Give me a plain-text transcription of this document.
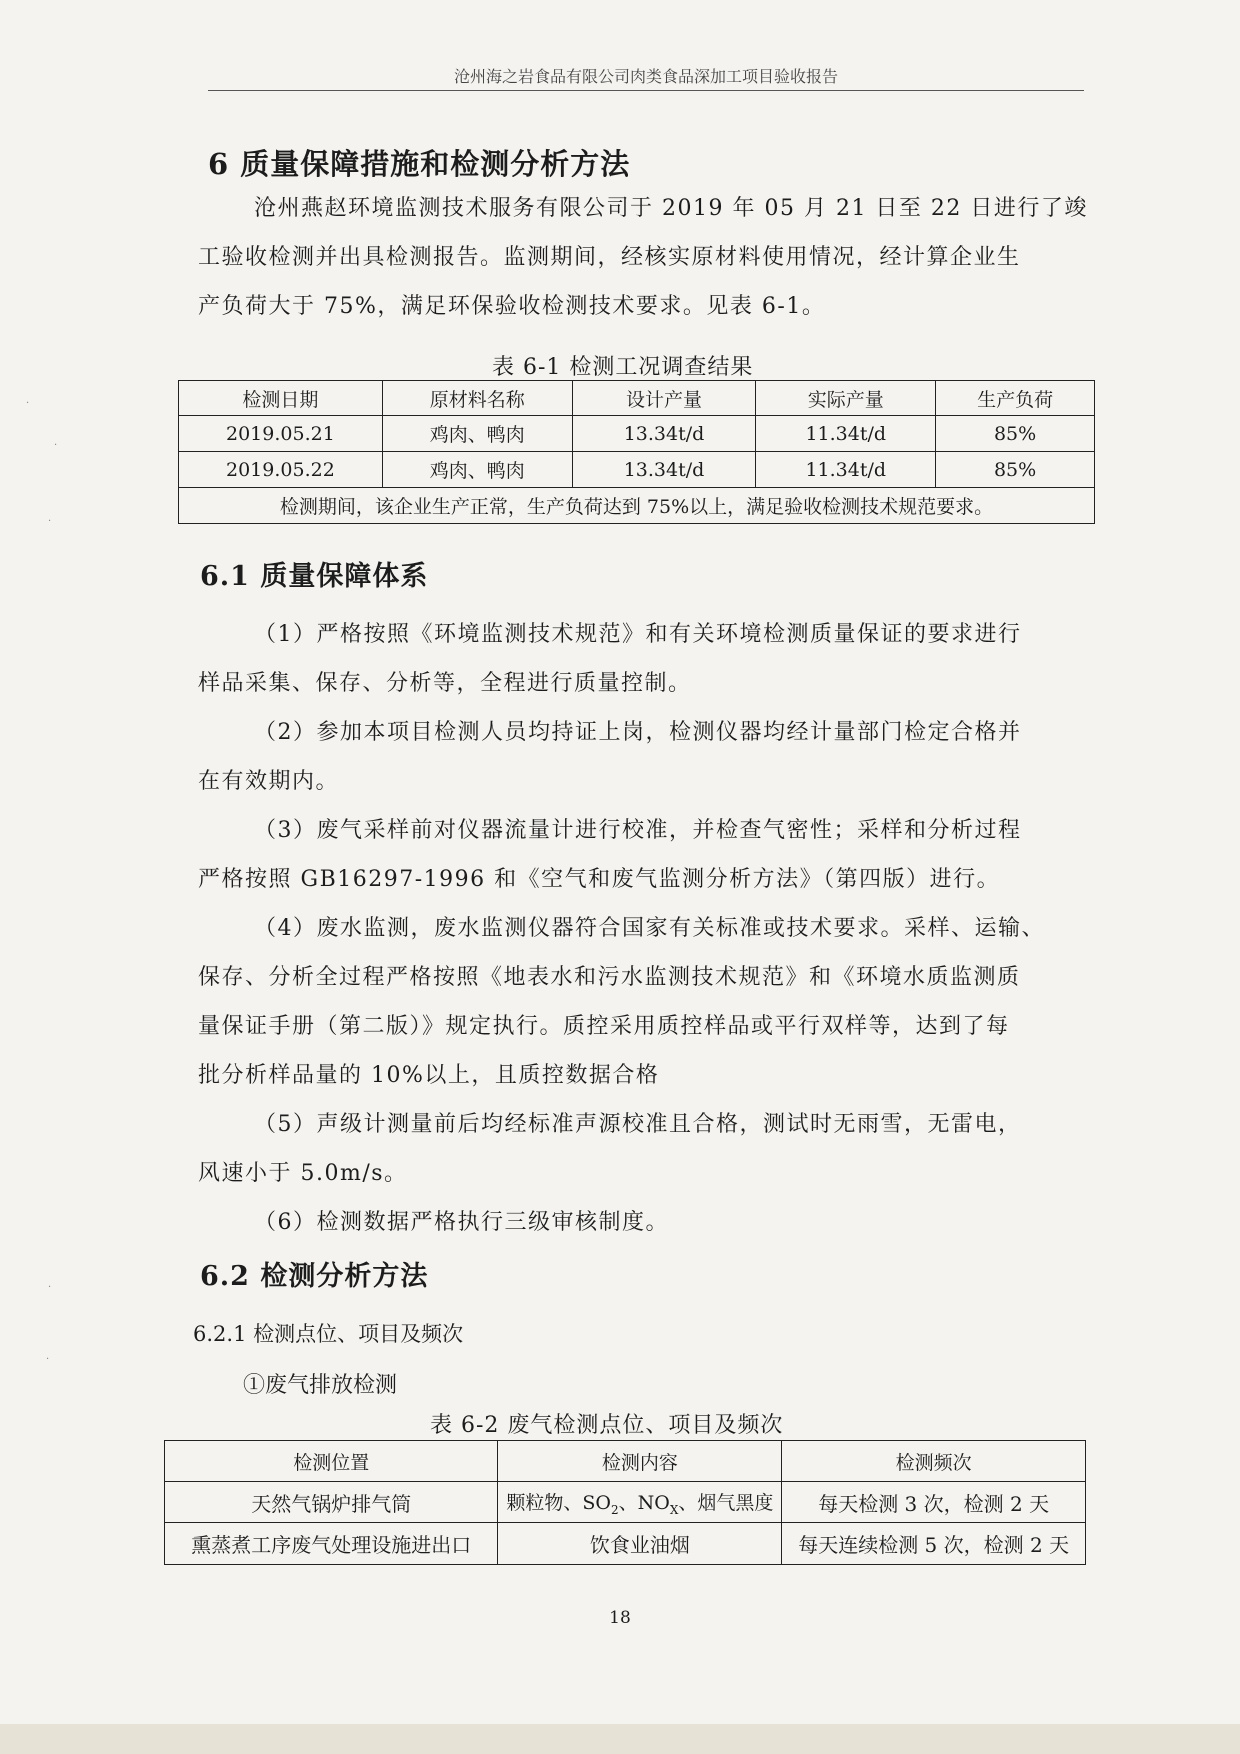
沧州海之岩食品有限公司肉类食品深加工项目验收报告
6 质量保障措施和检测分析方法
沧州燕赵环境监测技术服务有限公司于 2019 年 05 月 21 日至 22 日进行了竣
工验收检测并出具检测报告。监测期间，经核实原材料使用情况，经计算企业生
产负荷大于 75%，满足环保验收检测技术要求。见表 6-1。
表 6-1 检测工况调查结果
检测日期	原材料名称	设计产量	实际产量	生产负荷
2019.05.21	鸡肉、鸭肉	13.34t/d	11.34t/d	85%
2019.05.22	鸡肉、鸭肉	13.34t/d	11.34t/d	85%
检测期间，该企业生产正常，生产负荷达到 75%以上，满足验收检测技术规范要求。				
6.1 质量保障体系
（1）严格按照《环境监测技术规范》和有关环境检测质量保证的要求进行
样品采集、保存、分析等，全程进行质量控制。
（2）参加本项目检测人员均持证上岗，检测仪器均经计量部门检定合格并
在有效期内。
（3）废气采样前对仪器流量计进行校准，并检查气密性；采样和分析过程
严格按照 GB16297-1996 和《空气和废气监测分析方法》（第四版）进行。
（4）废水监测，废水监测仪器符合国家有关标准或技术要求。采样、运输、
保存、分析全过程严格按照《地表水和污水监测技术规范》和《环境水质监测质
量保证手册（第二版）》规定执行。质控采用质控样品或平行双样等，达到了每
批分析样品量的 10%以上，且质控数据合格
（5）声级计测量前后均经标准声源校准且合格，测试时无雨雪，无雷电，
风速小于 5.0m/s。
（6）检测数据严格执行三级审核制度。
6.2 检测分析方法
6.2.1 检测点位、项目及频次
①废气排放检测
表 6-2 废气检测点位、项目及频次
检测位置	检测内容	检测频次
天然气锅炉排气筒	颗粒物、$SO_2$、$NO_X$、烟气黑度	每天检测 3 次，检测 2 天
熏蒸煮工序废气处理设施进出口	饮食业油烟	每天连续检测 5 次，检测 2 天
18
·
·
·
·
·
